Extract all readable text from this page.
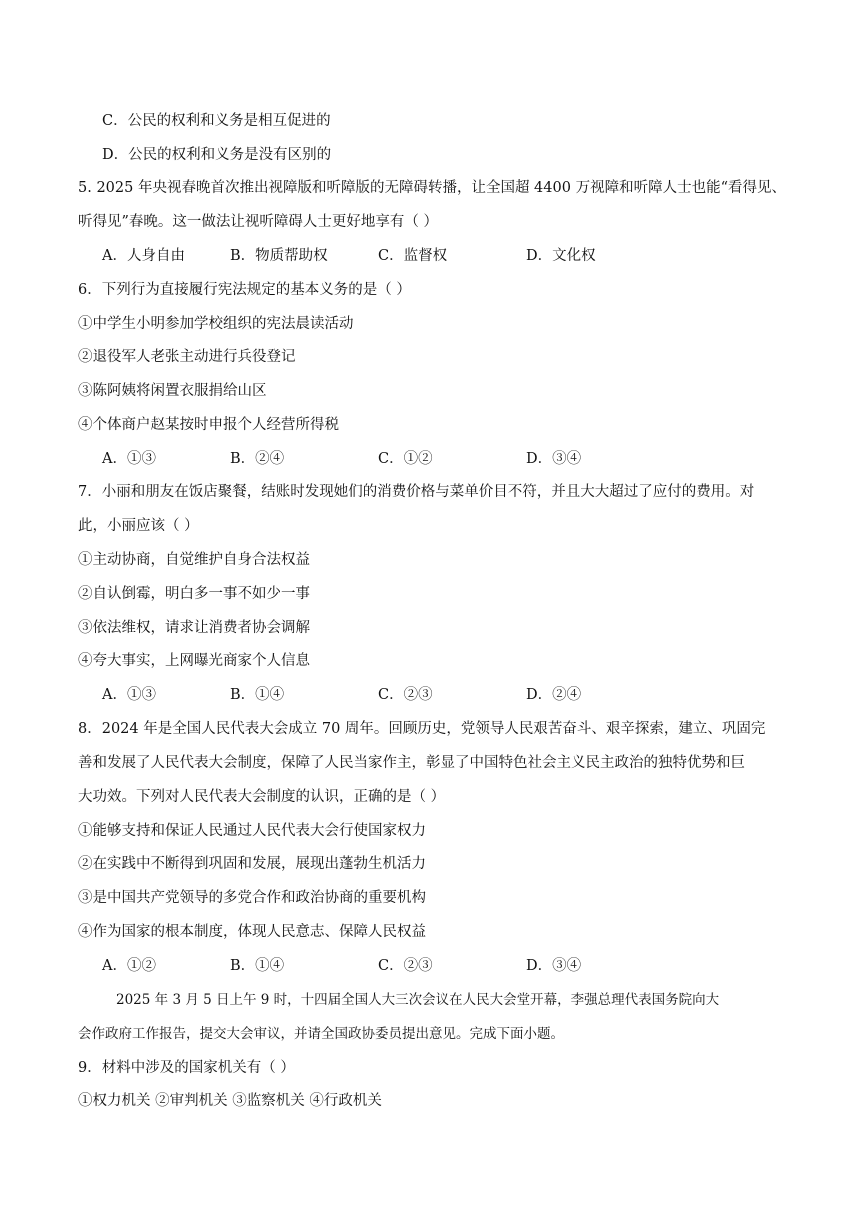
C．公民的权利和义务是相互促进的
D．公民的权利和义务是没有区别的
5. 2025 年央视春晚首次推出视障版和听障版的无障碍转播，让全国超 4400 万视障和听障人士也能“看得见、
听得见”春晚。这一做法让视听障碍人士更好地享有（ ）
A．人身自由	B．物质帮助权	C．监督权	D．文化权
6．下列行为直接履行宪法规定的基本义务的是（ ）
①中学生小明参加学校组织的宪法晨读活动
②退役军人老张主动进行兵役登记
③陈阿姨将闲置衣服捐给山区
④个体商户赵某按时申报个人经营所得税
A．①③	B．②④	C．①②	D．③④
7．小丽和朋友在饭店聚餐，结账时发现她们的消费价格与菜单价目不符，并且大大超过了应付的费用。对
此，小丽应该（ ）
①主动协商，自觉维护自身合法权益
②自认倒霉，明白多一事不如少一事
③依法维权，请求让消费者协会调解
④夸大事实，上网曝光商家个人信息
A．①③	B．①④	C．②③	D．②④
8．2024 年是全国人民代表大会成立 70 周年。回顾历史，党领导人民艰苦奋斗、艰辛探索，建立、巩固完
善和发展了人民代表大会制度，保障了人民当家作主，彰显了中国特色社会主义民主政治的独特优势和巨
大功效。下列对人民代表大会制度的认识，正确的是（ ）
①能够支持和保证人民通过人民代表大会行使国家权力
②在实践中不断得到巩固和发展，展现出蓬勃生机活力
③是中国共产党领导的多党合作和政治协商的重要机构
④作为国家的根本制度，体现人民意志、保障人民权益
A．①②	B．①④	C．②③	D．③④
2025 年 3 月 5 日上午 9 时，十四届全国人大三次会议在人民大会堂开幕，李强总理代表国务院向大
会作政府工作报告，提交大会审议，并请全国政协委员提出意见。完成下面小题。
9．材料中涉及的国家机关有（ ）
①权力机关 ②审判机关 ③监察机关 ④行政机关
